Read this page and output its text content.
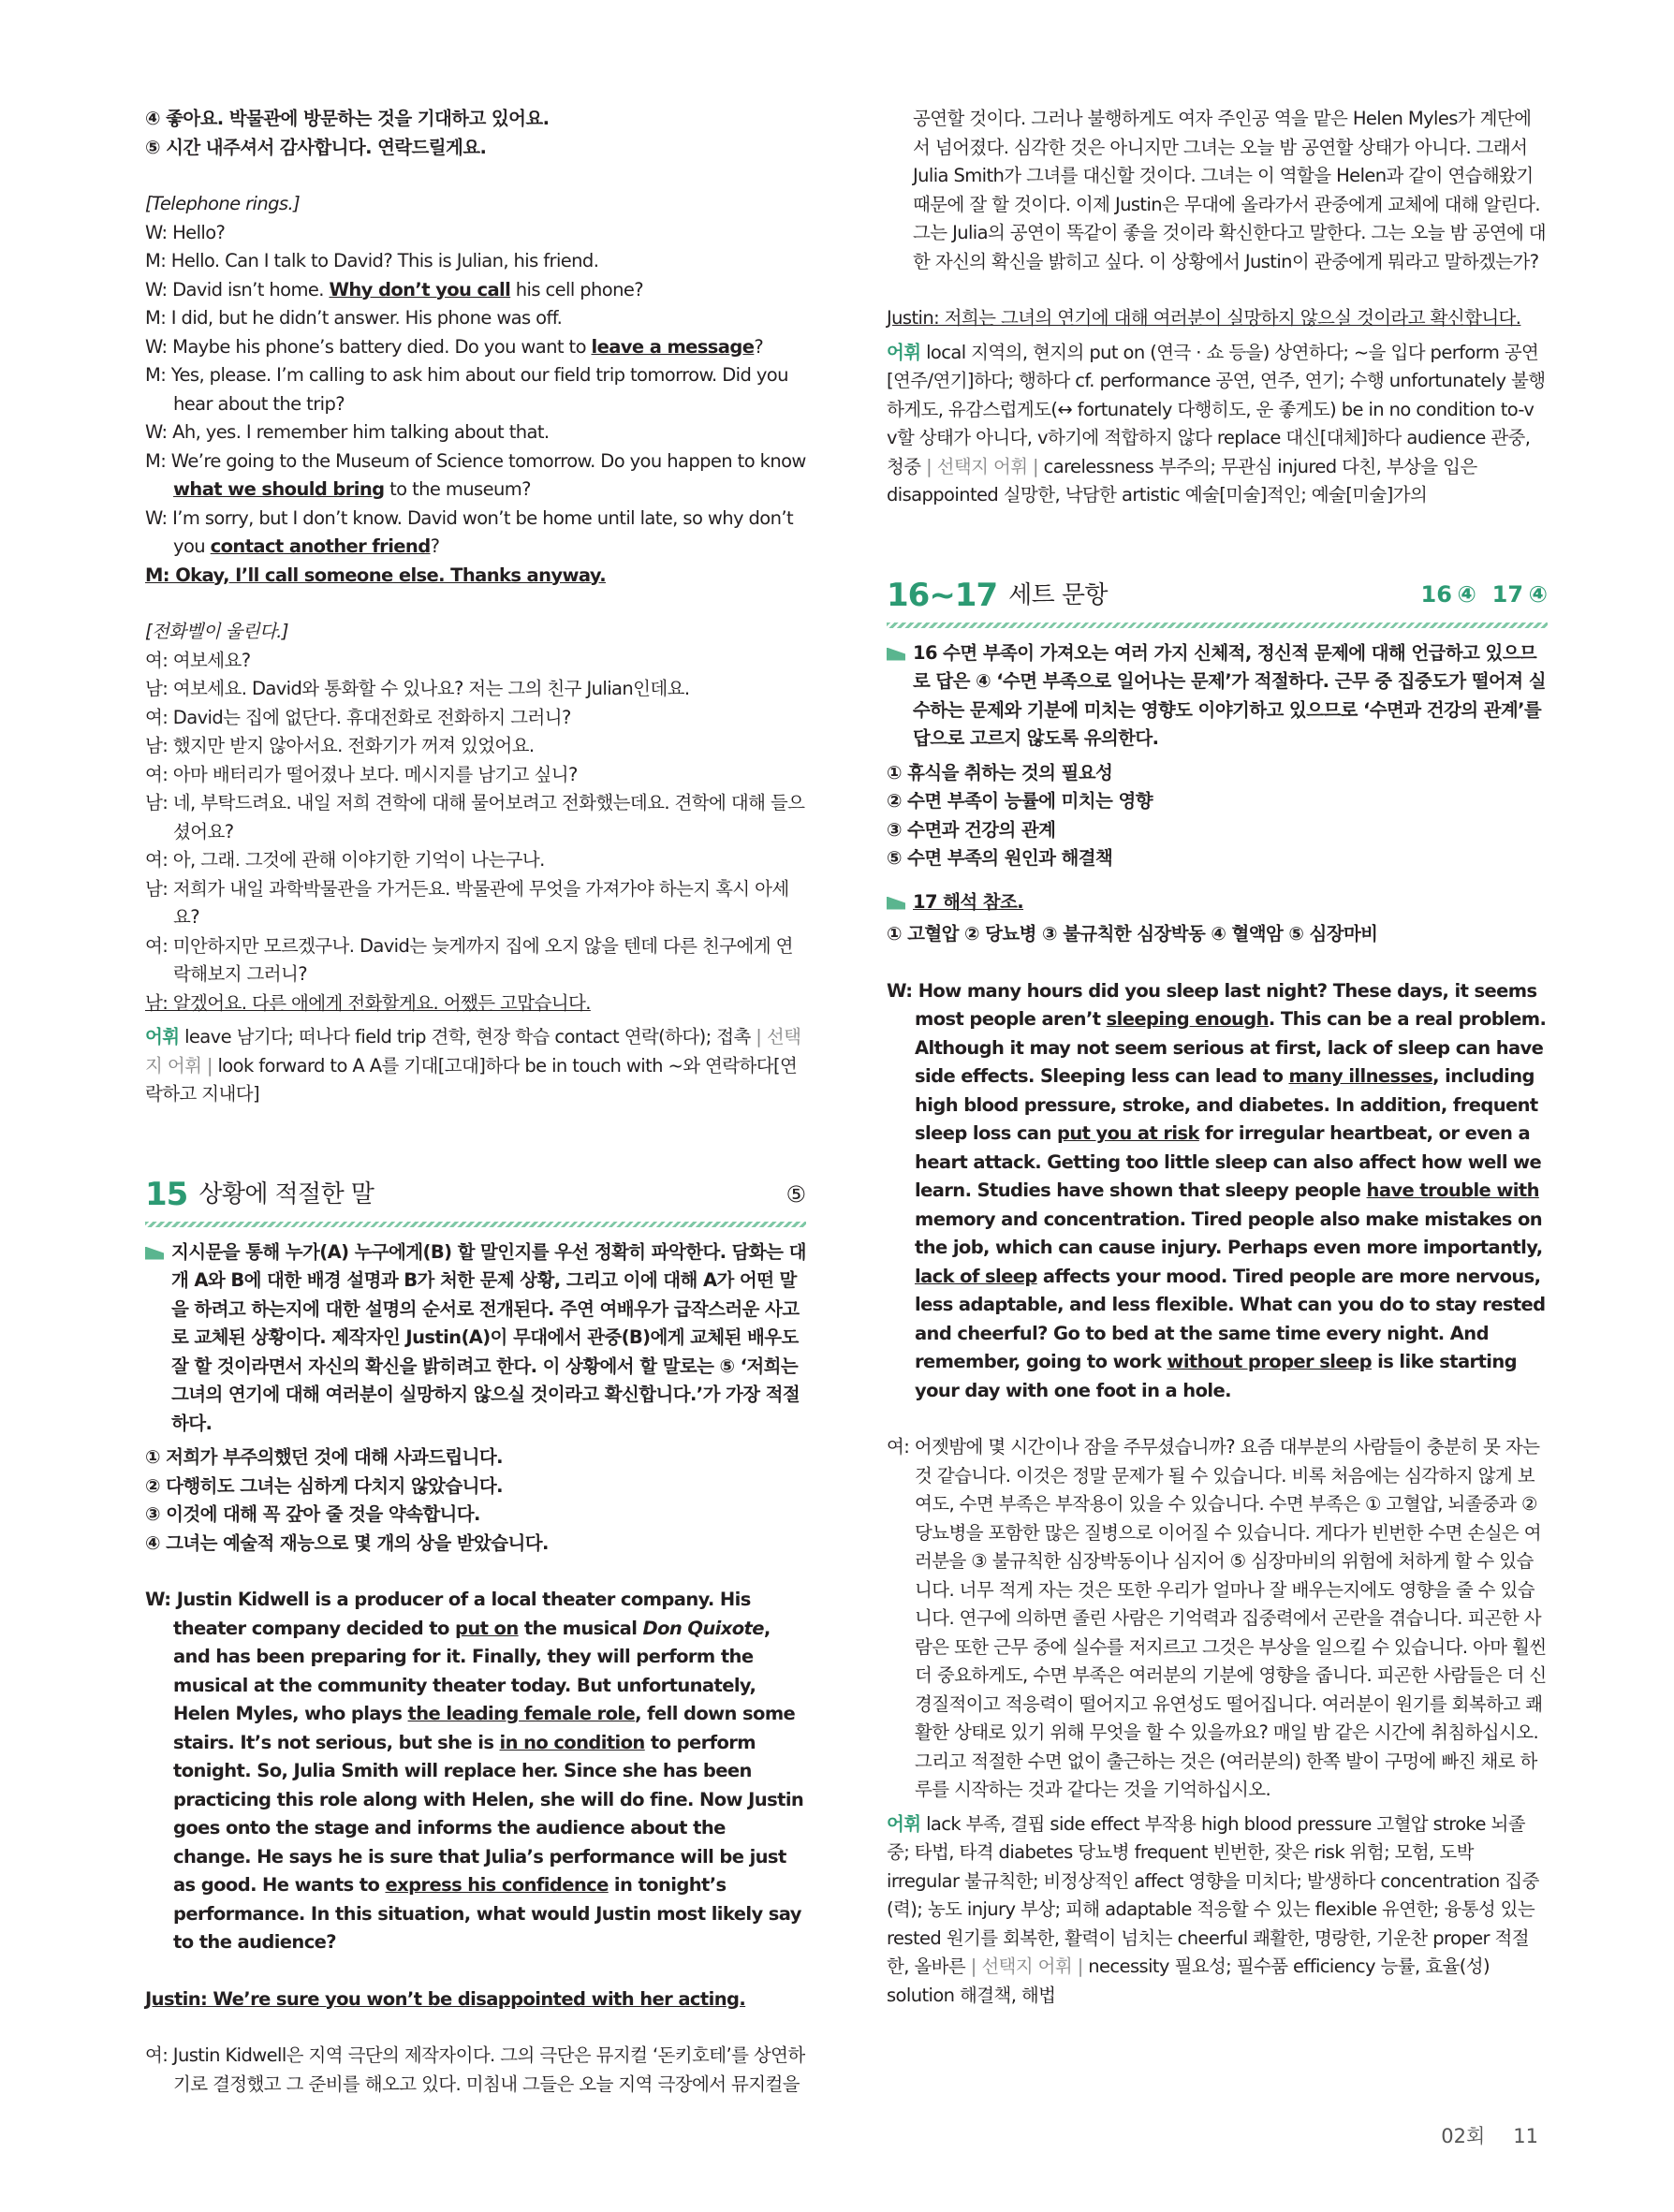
④ 좋아요. 박물관에 방문하는 것을 기대하고 있어요.
⑤ 시간 내주셔서 감사합니다. 연락드릴게요.
[Telephone rings.]
W: Hello?
M: Hello. Can I talk to David? This is Julian, his friend.
W: David isn’t home. Why don’t you call his cell phone?
M: I did, but he didn’t answer. His phone was off.
W: Maybe his phone’s battery died. Do you want to leave a message?
M: Yes, please. I’m calling to ask him about our field trip tomorrow. Did you hear about the trip?
W: Ah, yes. I remember him talking about that.
M: We’re going to the Museum of Science tomorrow. Do you happen to know what we should bring to the museum?
W: I’m sorry, but I don’t know. David won’t be home until late, so why don’t you contact another friend?
M: Okay, I’ll call someone else. Thanks anyway.
[전화벨이 울린다.]
여: 여보세요?
남: 여보세요. David와 통화할 수 있나요? 저는 그의 친구 Julian인데요.
여: David는 집에 없단다. 휴대전화로 전화하지 그러니?
남: 했지만 받지 않아서요. 전화기가 꺼져 있었어요.
여: 아마 배터리가 떨어졌나 보다. 메시지를 남기고 싶니?
남: 네, 부탁드려요. 내일 저희 견학에 대해 물어보려고 전화했는데요. 견학에 대해 들으셨어요?
여: 아, 그래. 그것에 관해 이야기한 기억이 나는구나.
남: 저희가 내일 과학박물관을 가거든요. 박물관에 무엇을 가져가야 하는지 혹시 아세요?
여: 미안하지만 모르겠구나. David는 늦게까지 집에 오지 않을 텐데 다른 친구에게 연락해보지 그러니?
남: 알겠어요. 다른 애에게 전화할게요. 어쨌든 고맙습니다.
어휘 leave 남기다; 떠나다 field trip 견학, 현장 학습 contact 연락(하다); 접촉 | 선택지 어휘 | look forward to A A를 기대[고대]하다 be in touch with ~와 연락하다[연락하고 지내다]
15 상황에 적절한 말	⑤
지시문을 통해 누가(A) 누구에게(B) 할 말인지를 우선 정확히 파악한다. 담화는 대개 A와 B에 대한 배경 설명과 B가 처한 문제 상황, 그리고 이에 대해 A가 어떤 말을 하려고 하는지에 대한 설명의 순서로 전개된다. 주연 여배우가 급작스러운 사고로 교체된 상황이다. 제작자인 Justin(A)이 무대에서 관중(B)에게 교체된 배우도 잘 할 것이라면서 자신의 확신을 밝히려고 한다. 이 상황에서 할 말로는 ⑤ ‘저희는 그녀의 연기에 대해 여러분이 실망하지 않으실 것이라고 확신합니다.’가 가장 적절하다.
① 저희가 부주의했던 것에 대해 사과드립니다.
② 다행히도 그녀는 심하게 다치지 않았습니다.
③ 이것에 대해 꼭 갚아 줄 것을 약속합니다.
④ 그녀는 예술적 재능으로 몇 개의 상을 받았습니다.
W: Justin Kidwell is a producer of a local theater company. His theater company decided to put on the musical Don Quixote, and has been preparing for it. Finally, they will perform the musical at the community theater today. But unfortunately, Helen Myles, who plays the leading female role, fell down some stairs. It’s not serious, but she is in no condition to perform tonight. So, Julia Smith will replace her. Since she has been practicing this role along with Helen, she will do fine. Now Justin goes onto the stage and informs the audience about the change. He says he is sure that Julia’s performance will be just as good. He wants to express his confidence in tonight’s performance. In this situation, what would Justin most likely say to the audience?
Justin: We’re sure you won’t be disappointed with her acting.
여: Justin Kidwell은 지역 극단의 제작자이다. 그의 극단은 뮤지컬 ‘돈키호테’를 상연하기로 결정했고 그 준비를 해오고 있다. 미침내 그들은 오늘 지역 극장에서 뮤지컬을
공연할 것이다. 그러나 불행하게도 여자 주인공 역을 맡은 Helen Myles가 계단에서 넘어졌다. 심각한 것은 아니지만 그녀는 오늘 밤 공연할 상태가 아니다. 그래서 Julia Smith가 그녀를 대신할 것이다. 그녀는 이 역할을 Helen과 같이 연습해왔기 때문에 잘 할 것이다. 이제 Justin은 무대에 올라가서 관중에게 교체에 대해 알린다. 그는 Julia의 공연이 똑같이 좋을 것이라 확신한다고 말한다. 그는 오늘 밤 공연에 대한 자신의 확신을 밝히고 싶다. 이 상황에서 Justin이 관중에게 뭐라고 말하겠는가?
Justin: 저희는 그녀의 연기에 대해 여러분이 실망하지 않으실 것이라고 확신합니다.
어휘 local 지역의, 현지의 put on (연극 · 쇼 등을) 상연하다; ~을 입다 perform 공연[연주/연기]하다; 행하다 cf. performance 공연, 연주, 연기; 수행 unfortunately 불행하게도, 유감스럽게도(↔ fortunately 다행히도, 운 좋게도) be in no condition to-v v할 상태가 아니다, v하기에 적합하지 않다 replace 대신[대체]하다 audience 관중, 청중 | 선택지 어휘 | carelessness 부주의; 무관심 injured 다친, 부상을 입은 disappointed 실망한, 낙담한 artistic 예술[미술]적인; 예술[미술]가의
16~17 세트 문항	16 ④ 17 ④
16 수면 부족이 가져오는 여러 가지 신체적, 정신적 문제에 대해 언급하고 있으므로 답은 ④ ‘수면 부족으로 일어나는 문제’가 적절하다. 근무 중 집중도가 떨어져 실수하는 문제와 기분에 미치는 영향도 이야기하고 있으므로 ‘수면과 건강의 관계’를 답으로 고르지 않도록 유의한다.
① 휴식을 취하는 것의 필요성
② 수면 부족이 능률에 미치는 영향
③ 수면과 건강의 관계
⑤ 수면 부족의 원인과 해결책
17 해석 참조.
① 고혈압 ② 당뇨병 ③ 불규칙한 심장박동 ④ 혈액암 ⑤ 심장마비
W: How many hours did you sleep last night? These days, it seems most people aren’t sleeping enough. This can be a real problem. Although it may not seem serious at first, lack of sleep can have side effects. Sleeping less can lead to many illnesses, including high blood pressure, stroke, and diabetes. In addition, frequent sleep loss can put you at risk for irregular heartbeat, or even a heart attack. Getting too little sleep can also affect how well we learn. Studies have shown that sleepy people have trouble with memory and concentration. Tired people also make mistakes on the job, which can cause injury. Perhaps even more importantly, lack of sleep affects your mood. Tired people are more nervous, less adaptable, and less flexible. What can you do to stay rested and cheerful? Go to bed at the same time every night. And remember, going to work without proper sleep is like starting your day with one foot in a hole.
여: 어젯밤에 몇 시간이나 잠을 주무셨습니까? 요즘 대부분의 사람들이 충분히 못 자는 것 같습니다. 이것은 정말 문제가 될 수 있습니다. 비록 처음에는 심각하지 않게 보여도, 수면 부족은 부작용이 있을 수 있습니다. 수면 부족은 ① 고혈압, 뇌졸중과 ② 당뇨병을 포함한 많은 질병으로 이어질 수 있습니다. 게다가 빈번한 수면 손실은 여러분을 ③ 불규칙한 심장박동이나 심지어 ⑤ 심장마비의 위험에 처하게 할 수 있습니다. 너무 적게 자는 것은 또한 우리가 얼마나 잘 배우는지에도 영향을 줄 수 있습니다. 연구에 의하면 졸린 사람은 기억력과 집중력에서 곤란을 겪습니다. 피곤한 사람은 또한 근무 중에 실수를 저지르고 그것은 부상을 일으킬 수 있습니다. 아마 훨씬 더 중요하게도, 수면 부족은 여러분의 기분에 영향을 줍니다. 피곤한 사람들은 더 신경질적이고 적응력이 떨어지고 유연성도 떨어집니다. 여러분이 원기를 회복하고 쾌활한 상태로 있기 위해 무엇을 할 수 있을까요? 매일 밤 같은 시간에 취침하십시오. 그리고 적절한 수면 없이 출근하는 것은 (여러분의) 한쪽 발이 구멍에 빠진 채로 하루를 시작하는 것과 같다는 것을 기억하십시오.
어휘 lack 부족, 결핍 side effect 부작용 high blood pressure 고혈압 stroke 뇌졸중; 타법, 타격 diabetes 당뇨병 frequent 빈번한, 잦은 risk 위험; 모험, 도박 irregular 불규칙한; 비정상적인 affect 영향을 미치다; 발생하다 concentration 집중(력); 농도 injury 부상; 피해 adaptable 적응할 수 있는 flexible 유연한; 융통성 있는 rested 원기를 회복한, 활력이 넘치는 cheerful 쾌활한, 명랑한, 기운찬 proper 적절한, 올바른 | 선택지 어휘 | necessity 필요성; 필수품 efficiency 능률, 효율(성) solution 해결책, 해법
02회 11
